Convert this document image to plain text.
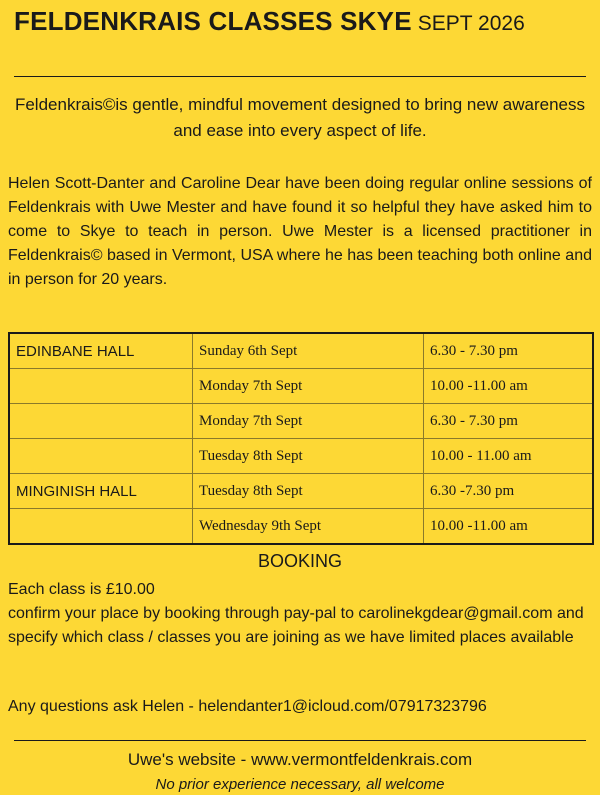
FELDENKRAIS CLASSES SKYE SEPT 2026
Feldenkrais©is gentle, mindful movement designed to bring new awareness and ease into every aspect of life.
Helen Scott-Danter and Caroline Dear have been doing regular online sessions of Feldenkrais with Uwe Mester and have found it so helpful they have asked him to come to Skye to teach in person. Uwe Mester is a licensed practitioner in Feldenkrais© based in Vermont, USA where he has been teaching both online and in person for 20 years.
EDINBANE HALL	Sunday 6th Sept	6.30 - 7.30 pm
	Monday 7th Sept	10.00 -11.00 am
	Monday 7th Sept	6.30 - 7.30 pm
	Tuesday 8th Sept	10.00 - 11.00 am
MINGINISH HALL	Tuesday 8th Sept	6.30 -7.30 pm
	Wednesday 9th Sept	10.00 -11.00 am
BOOKING
Each class is £10.00
confirm your place by booking through pay-pal to carolinekgdear@gmail.com and specify which class / classes you are joining as we have limited places available
Any questions ask Helen - helendanter1@icloud.com/07917323796
Uwe's website - www.vermontfeldenkrais.com
No prior experience necessary, all welcome
